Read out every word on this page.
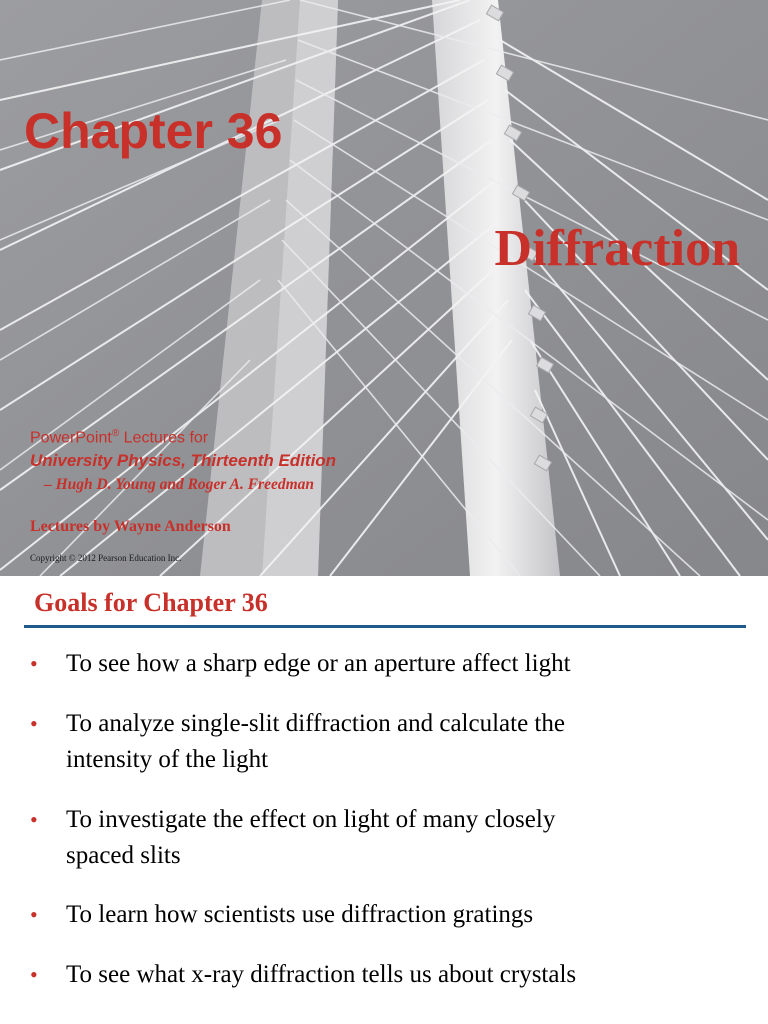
Chapter 36
Diffraction
PowerPoint® Lectures for
University Physics, Thirteenth Edition
– Hugh D. Young and Roger A. Freedman
Lectures by Wayne Anderson
Copyright © 2012 Pearson Education Inc.
Goals for Chapter 36
•	To see how a sharp edge or an aperture affect light
•	To analyze single-slit diffraction and calculate the
intensity of the light
•	To investigate the effect on light of many closely
spaced slits
•	To learn how scientists use diffraction gratings
•	To see what x-ray diffraction tells us about crystals
